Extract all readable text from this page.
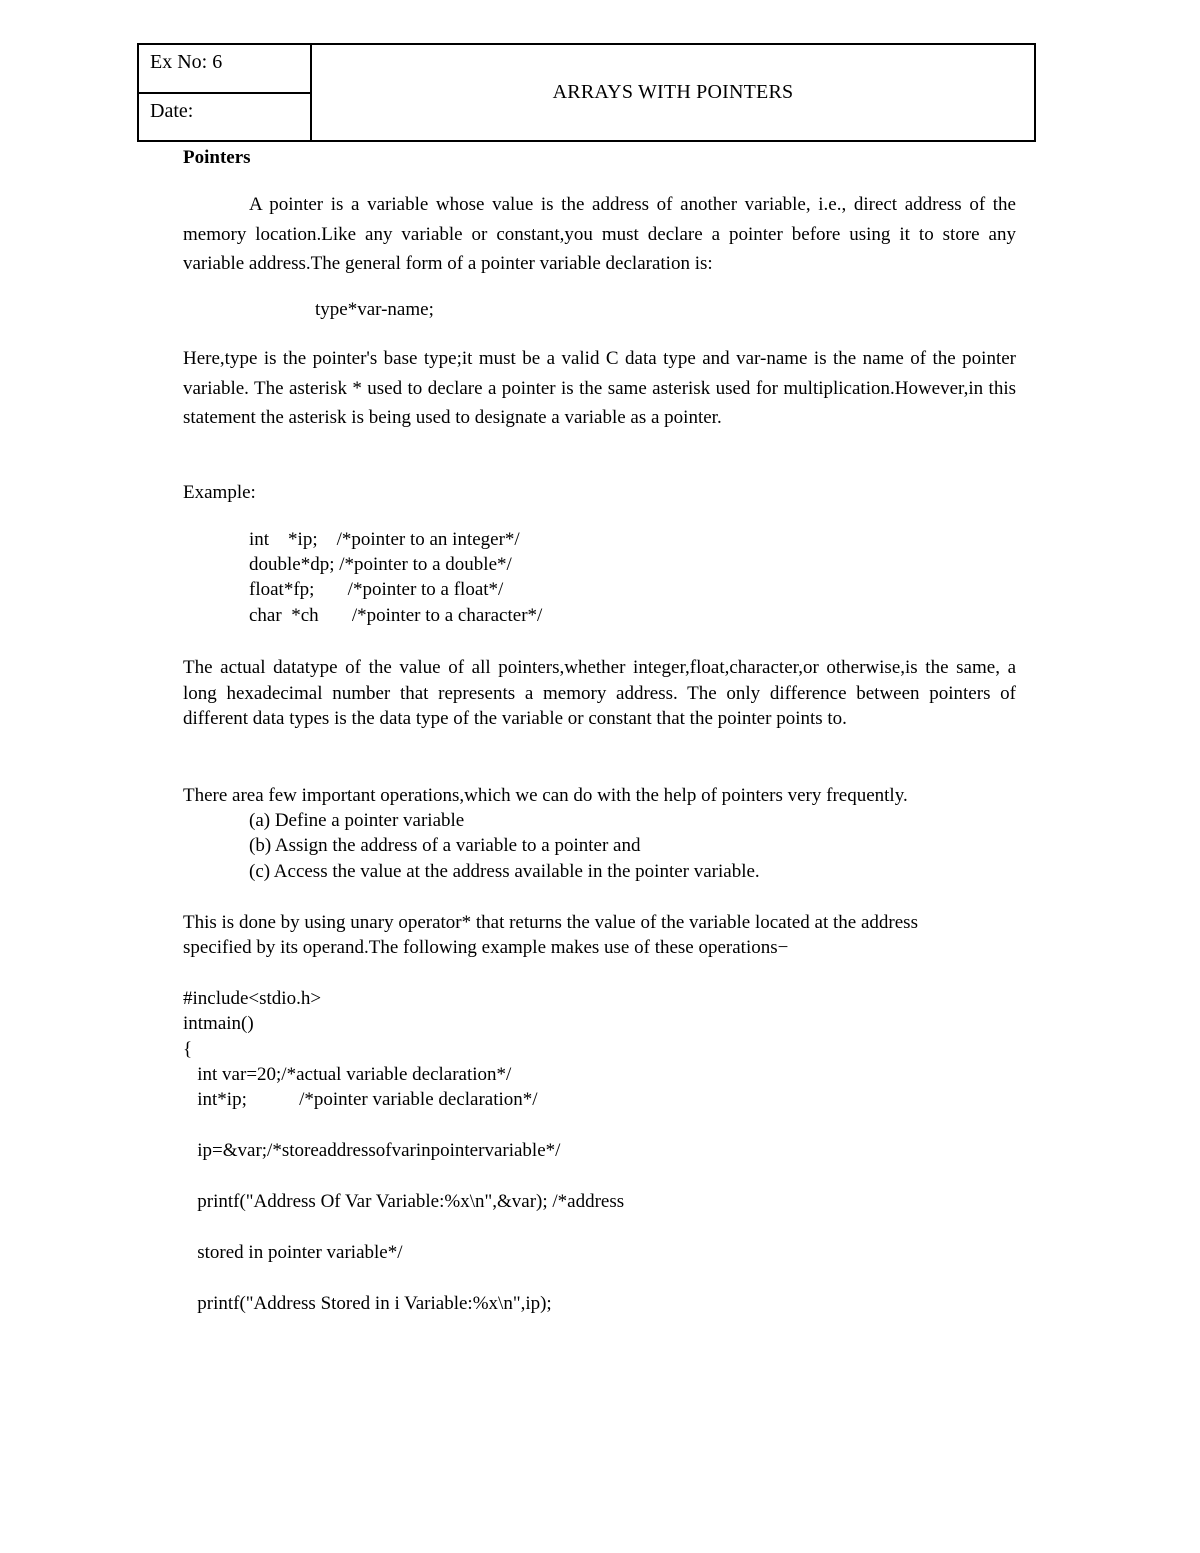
Ex No: 6
Date:
ARRAYS WITH POINTERS
Pointers
A pointer is a variable whose value is the address of another variable, i.e., direct address of the memory location.Like any variable or constant,you must declare a pointer before using it to store any variable address.The general form of a pointer variable declaration is:
type*var-name;
Here,type is the pointer's base type;it must be a valid C data type and var-name is the name of the pointer variable. The asterisk * used to declare a pointer is the same asterisk used for multiplication.However,in this statement the asterisk is being used to designate a variable as a pointer.
Example:
int    *ip;    /*pointer to an integer*/
double*dp; /*pointer to a double*/
float*fp;       /*pointer to a float*/
char  *ch       /*pointer to a character*/
The actual datatype of the value of all pointers,whether integer,float,character,or otherwise,is the same, a long hexadecimal number that represents a memory address. The only difference between pointers of different data types is the data type of the variable or constant that the pointer points to.
There area few important operations,which we can do with the help of pointers very frequently.
(a) Define a pointer variable
(b) Assign the address of a variable to a pointer and
(c) Access the value at the address available in the pointer variable.
This is done by using unary operator* that returns the value of the variable located at the address
specified by its operand.The following example makes use of these operations−
#include<stdio.h>
intmain()
{
int var=20;/*actual variable declaration*/
int*ip;           /*pointer variable declaration*/
ip=&var;/*storeaddressofvarinpointervariable*/
printf("Address Of Var Variable:%x\n",&var); /*address
stored in pointer variable*/
printf("Address Stored in i Variable:%x\n",ip);
